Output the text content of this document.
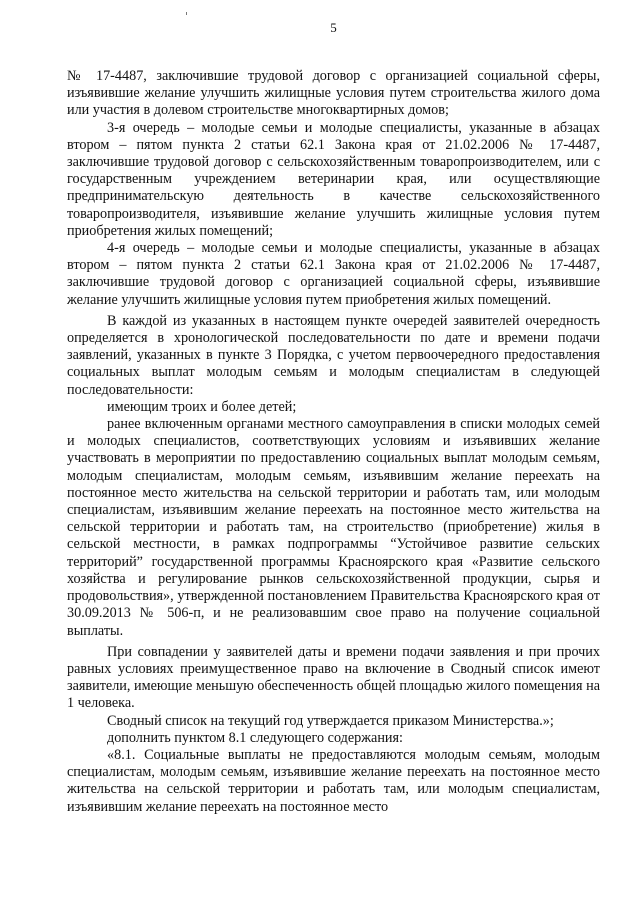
5

№ 17-4487, заключившие трудовой договор с организацией социальной сферы, изъявившие желание улучшить жилищные условия путем строительства жилого дома или участия в долевом строительстве многоквартирных домов;

3-я очередь – молодые семьи и молодые специалисты, указанные в абзацах втором – пятом пункта 2 статьи 62.1 Закона края от 21.02.2006 № 17-4487, заключившие трудовой договор с сельскохозяйственным товаропроизводителем, или с государственным учреждением ветеринарии края, или осуществляющие предпринимательскую деятельность в качестве сельскохозяйственного товаропроизводителя, изъявившие желание улучшить жилищные условия путем приобретения жилых помещений;

4-я очередь – молодые семьи и молодые специалисты, указанные в абзацах втором – пятом пункта 2 статьи 62.1 Закона края от 21.02.2006 № 17-4487, заключившие трудовой договор с организацией социальной сферы, изъявившие желание улучшить жилищные условия путем приобретения жилых помещений.

В каждой из указанных в настоящем пункте очередей заявителей очередность определяется в хронологической последовательности по дате и времени подачи заявлений, указанных в пункте 3 Порядка, с учетом первоочередного предоставления социальных выплат молодым семьям и молодым специалистам в следующей последовательности:

имеющим троих и более детей;

ранее включенным органами местного самоуправления в списки молодых семей и молодых специалистов, соответствующих условиям и изъявивших желание участвовать в мероприятии по предоставлению социальных выплат молодым семьям, молодым специалистам, молодым семьям, изъявившим желание переехать на постоянное место жительства на сельской территории и работать там, или молодым специалистам, изъявившим желание переехать на постоянное место жительства на сельской территории и работать там, на строительство (приобретение) жилья в сельской местности, в рамках подпрограммы “Устойчивое развитие сельских территорий” государственной программы Красноярского края «Развитие сельского хозяйства и регулирование рынков сельскохозяйственной продукции, сырья и продовольствия», утвержденной постановлением Правительства Красноярского края от 30.09.2013 № 506-п, и не реализовавшим свое право на получение социальной выплаты.

При совпадении у заявителей даты и времени подачи заявления и при прочих равных условиях преимущественное право на включение в Сводный список имеют заявители, имеющие меньшую обеспеченность общей площадью жилого помещения на 1 человека.

Сводный список на текущий год утверждается приказом Министерства.»;

дополнить пунктом 8.1 следующего содержания:

«8.1. Социальные выплаты не предоставляются молодым семьям, молодым специалистам, молодым семьям, изъявившие желание переехать на постоянное место жительства на сельской территории и работать там, или молодым специалистам, изъявившим желание переехать на постоянное место
